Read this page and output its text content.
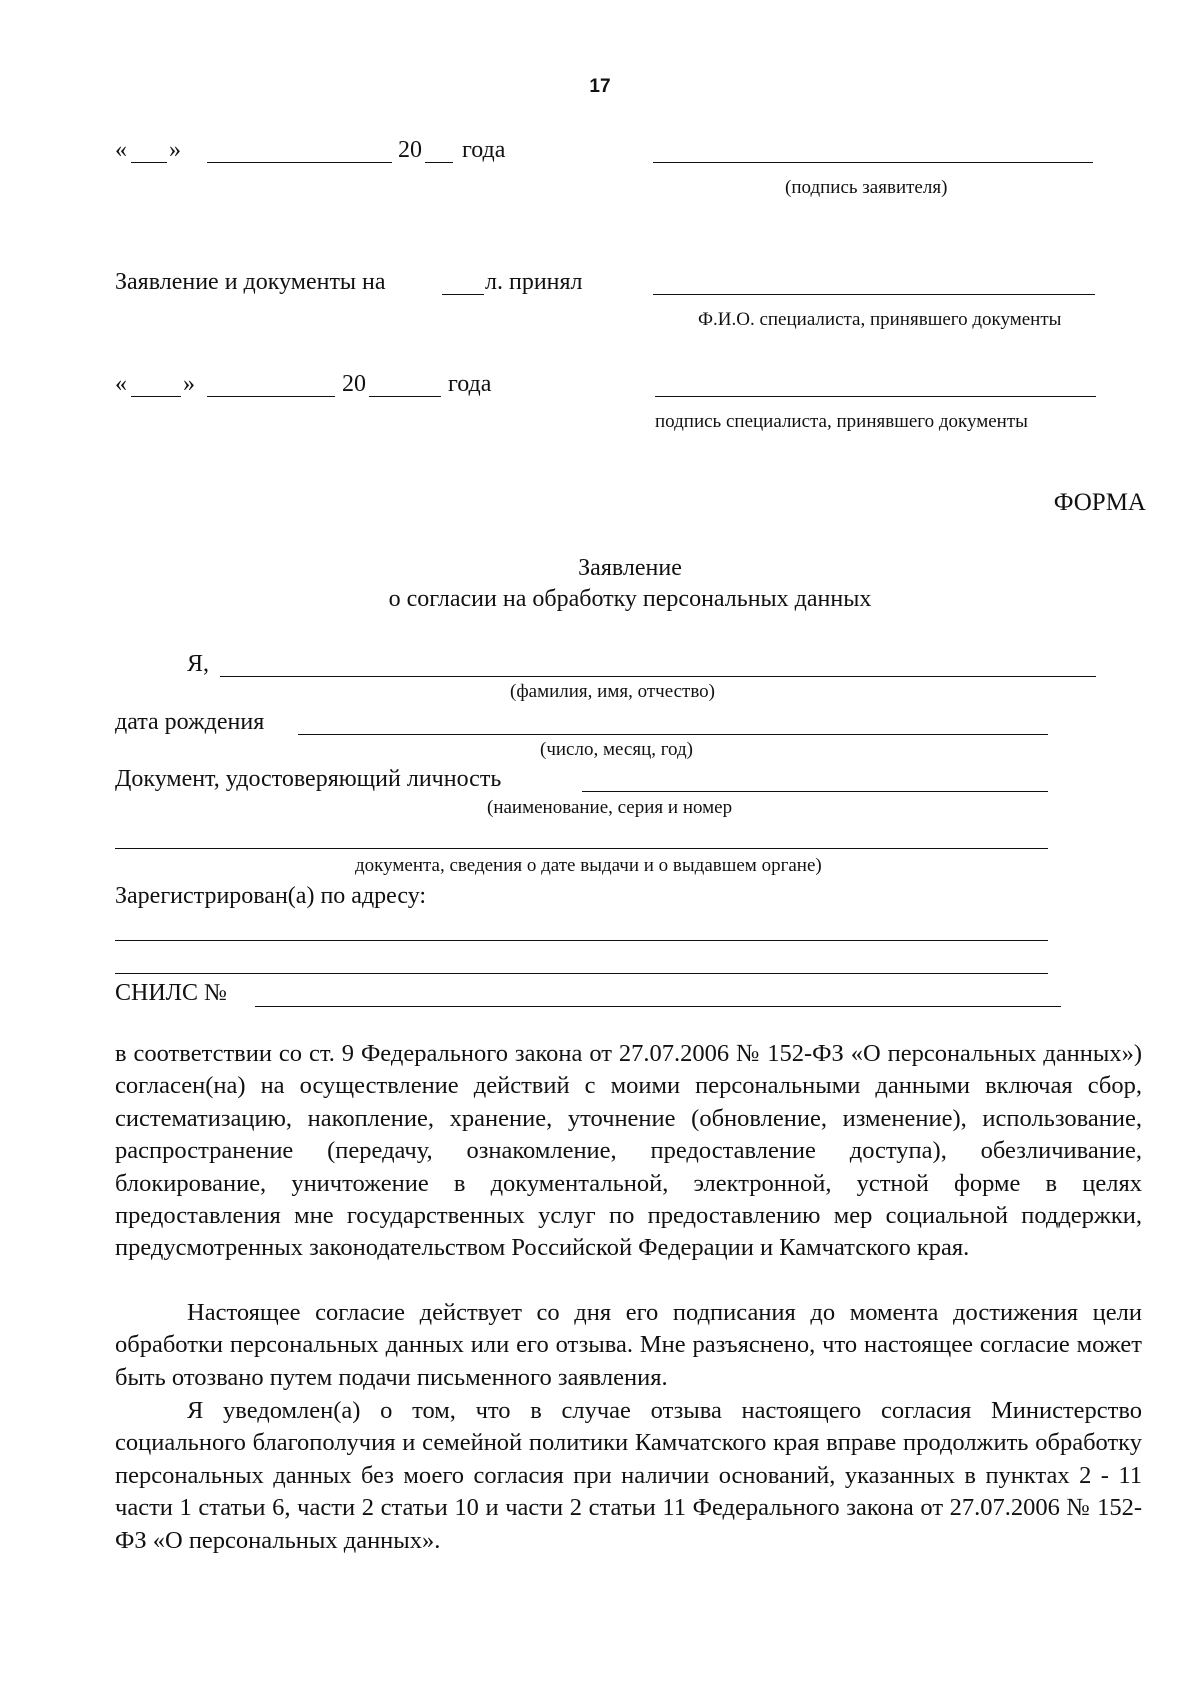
17
« »	20 года
(подпись заявителя)
Заявление и документы на	л. принял
Ф.И.О. специалиста, принявшего документы
« »	20	года
подпись специалиста, принявшего документы
ФОРМА
Заявление
о согласии на обработку персональных данных
Я,
(фамилия, имя, отчество)
дата рождения
(число, месяц, год)
Документ, удостоверяющий личность
(наименование, серия и номер
документа, сведения о дате выдачи и о выдавшем органе)
Зарегистрирован(а) по адресу:
СНИЛС №
в соответствии со ст. 9 Федерального закона от 27.07.2006 № 152-ФЗ «О персональных данных») согласен(на) на осуществление действий с моими персональными данными включая сбор, систематизацию, накопление, хранение, уточнение (обновление, изменение), использование, распространение (передачу, ознакомление, предоставление доступа), обезличивание, блокирование, уничтожение в документальной, электронной, устной форме в целях предоставления мне государственных услуг по предоставлению мер социальной поддержки, предусмотренных законодательством Российской Федерации и Камчатского края.
Настоящее согласие действует со дня его подписания до момента достижения цели обработки персональных данных или его отзыва. Мне разъяснено, что настоящее согласие может быть отозвано путем подачи письменного заявления.
Я уведомлен(а) о том, что в случае отзыва настоящего согласия Министерство социального благополучия и семейной политики Камчатского края вправе продолжить обработку персональных данных без моего согласия при наличии оснований, указанных в пунктах 2 - 11 части 1 статьи 6, части 2 статьи 10 и части 2 статьи 11 Федерального закона от 27.07.2006 № 152-ФЗ «О персональных данных».
